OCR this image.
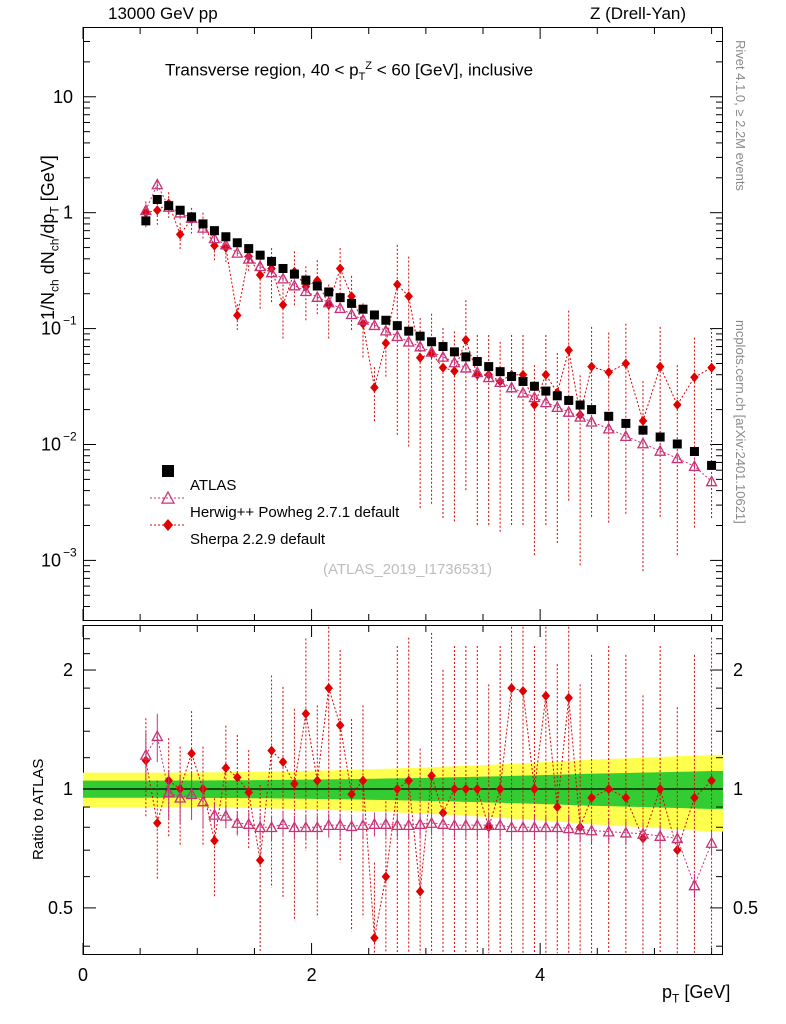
13000 GeV pp	Z (Drell-Yan)
Rivet 4.1.0, ≥ 2.2M events
mcplots.cern.ch [arXiv:2401.10621]
$1/N_{ch}$ $dN_{ch}/dp_T$ [GeV]
Ratio to ATLAS
$p_T$ [GeV]
Transverse region, $40 < p_T^Z < 60$ [GeV], inclusive
(ATLAS_2019_I1736531)
ATLAS
Herwig++ Powheg 2.7.1 default
Sherpa 2.2.9 default
10
1
10 −1
10 −2
10 −3
2	2
1	1
0.5	0.5
0	2	4
